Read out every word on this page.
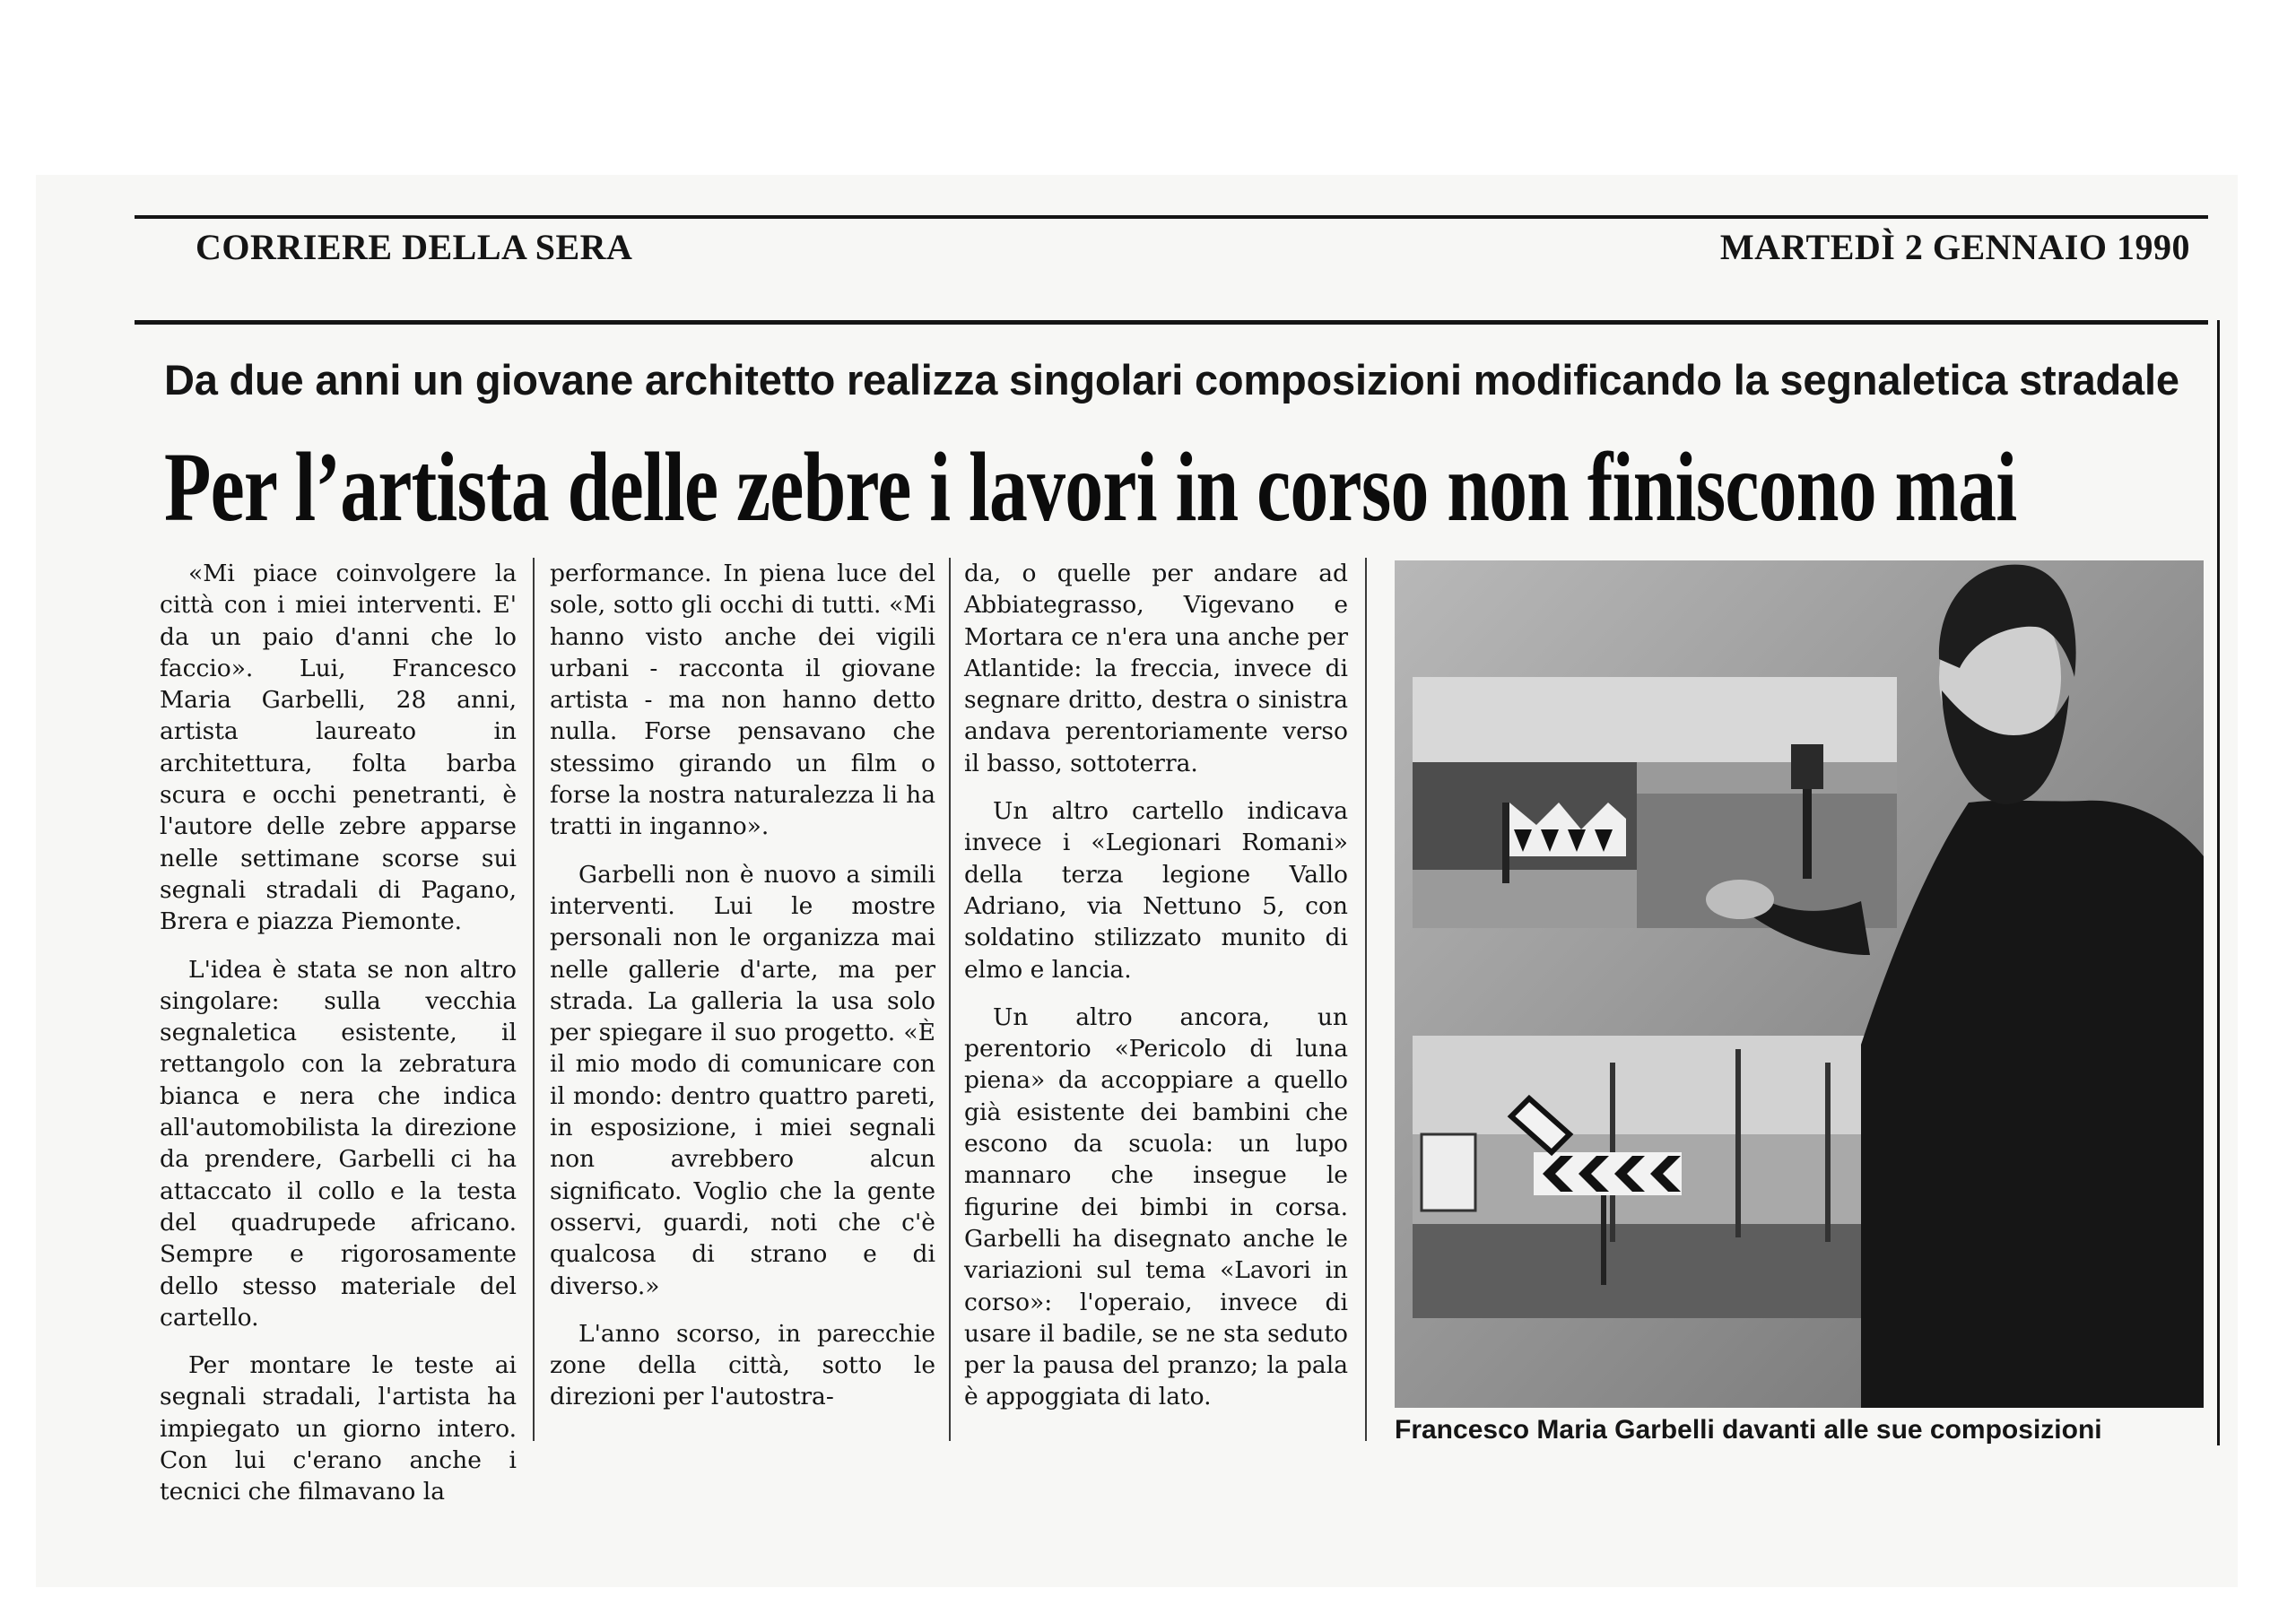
CORRIERE DELLA SERA	MARTEDÌ 2 GENNAIO 1990
Da due anni un giovane architetto realizza singolari composizioni modificando la segnaletica stradale
Per l’artista delle zebre i lavori in corso non finiscono mai

«Mi piace coinvolgere la città con i miei interventi. E' da un paio d'anni che lo faccio». Lui, Francesco Maria Garbelli, 28 anni, artista laureato in architettura, folta barba scura e occhi penetranti, è l'autore delle zebre apparse nelle settimane scorse sui segnali stradali di Pagano, Brera e piazza Piemonte.

L'idea è stata se non altro singolare: sulla vecchia segnaletica esistente, il rettangolo con la zebratura bianca e nera che indica all'automobilista la direzione da prendere, Garbelli ci ha attaccato il collo e la testa del quadrupede africano. Sempre e rigorosamente dello stesso materiale del cartello.

Per montare le teste ai segnali stradali, l'artista ha impiegato un giorno intero. Con lui c'erano anche i tecnici che filmavano la

performance. In piena luce del sole, sotto gli occhi di tutti. «Mi hanno visto anche dei vigili urbani - racconta il giovane artista - ma non hanno detto nulla. Forse pensavano che stessimo girando un film o forse la nostra naturalezza li ha tratti in inganno».

Garbelli non è nuovo a simili interventi. Lui le mostre personali non le organizza mai nelle gallerie d'arte, ma per strada. La galleria la usa solo per spiegare il suo progetto. «È il mio modo di comunicare con il mondo: dentro quattro pareti, in esposizione, i miei segnali non avrebbero alcun significato. Voglio che la gente osservi, guardi, noti che c'è qualcosa di strano e di diverso.»

L'anno scorso, in parecchie zone della città, sotto le direzioni per l'autostra-

da, o quelle per andare ad Abbiategrasso, Vigevano e Mortara ce n'era una anche per Atlantide: la freccia, invece di segnare dritto, destra o sinistra andava perentoriamente verso il basso, sottoterra.

Un altro cartello indicava invece i «Legionari Romani» della terza legione Vallo Adriano, via Nettuno 5, con soldatino stilizzato munito di elmo e lancia.

Un altro ancora, un perentorio «Pericolo di luna piena» da accoppiare a quello già esistente dei bambini che escono da scuola: un lupo mannaro che insegue le figurine dei bimbi in corsa. Garbelli ha disegnato anche le variazioni sul tema «Lavori in corso»: l'operaio, invece di usare il badile, se ne sta seduto per la pausa del pranzo; la pala è appoggiata di lato.

Francesco Maria Garbelli davanti alle sue composizioni
